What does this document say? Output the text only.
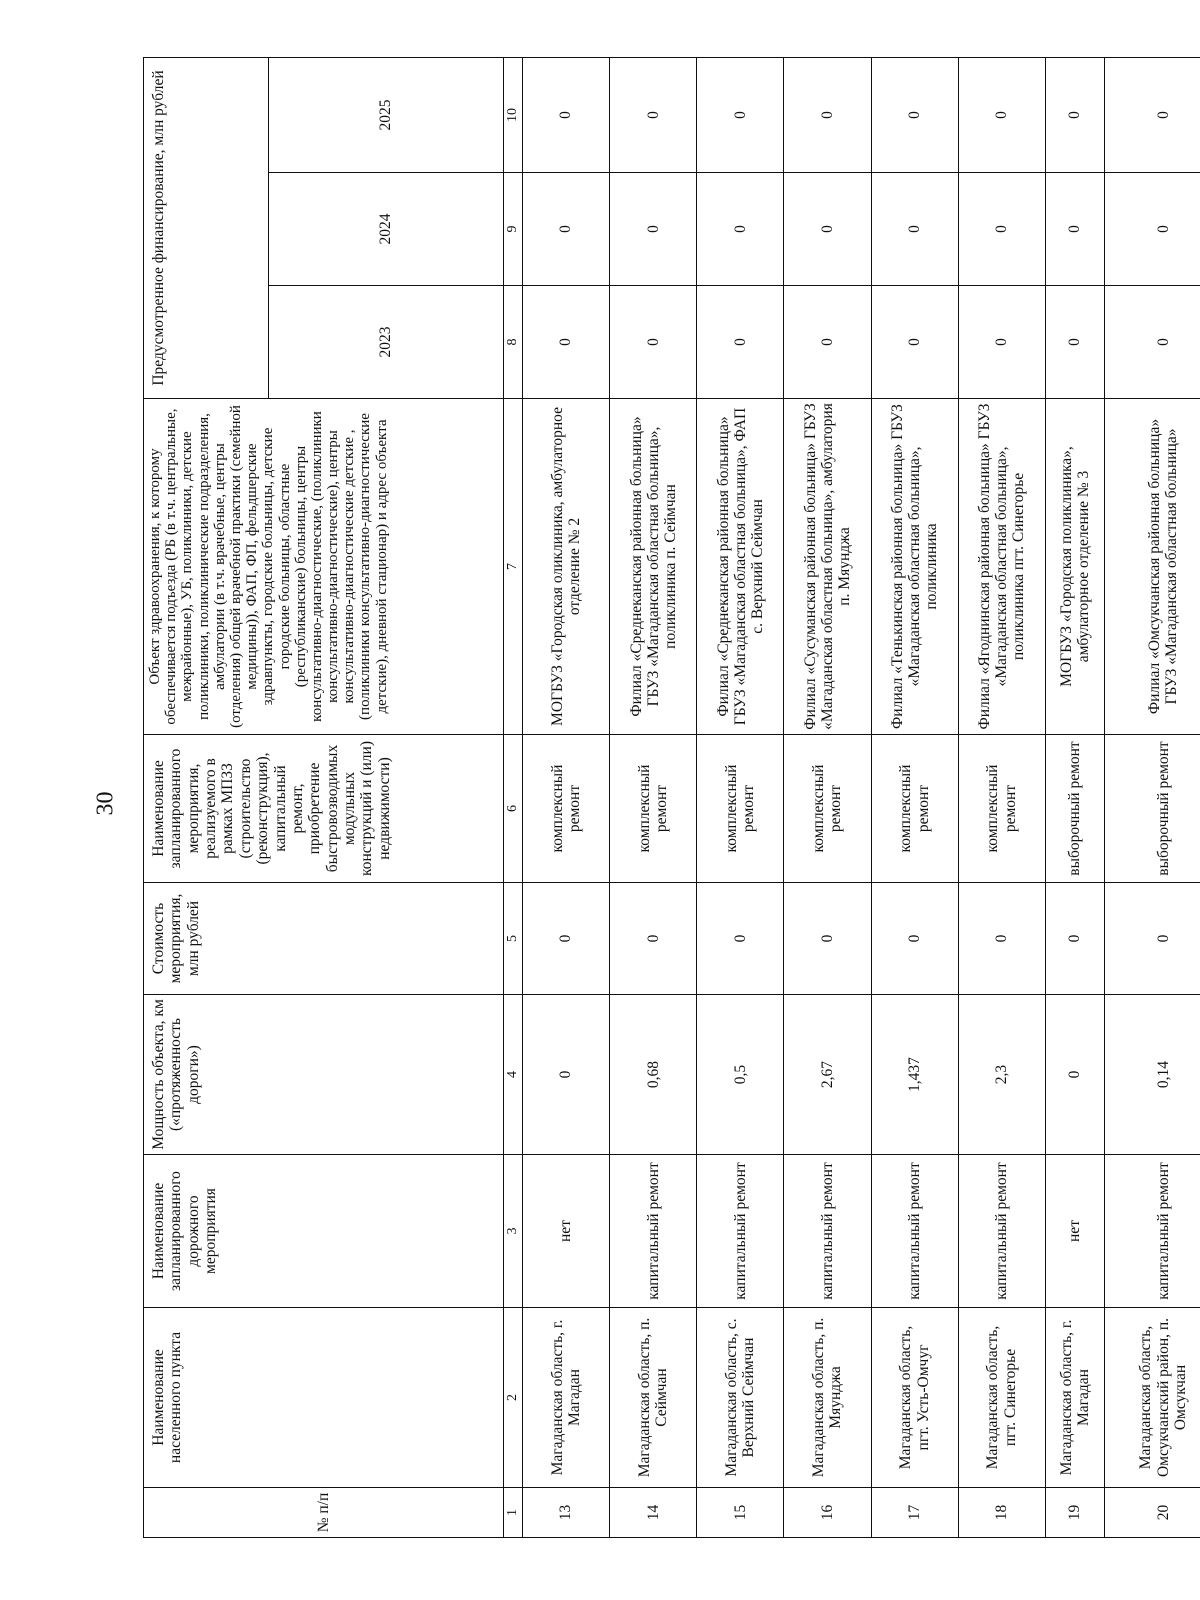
30
№ п/п	Наименование населенного пункта	Наименование запланированного дорожного мероприятия	Мощность объекта, км («протяженность дороги»)	Стоимость мероприятия, млн рублей	Наименование запланированного мероприятия, реализуемого в рамках МПЗЗ (строительство (реконструкция), капитальный ремонт, приобретение быстровозводимых модульных конструкций и (или) недвижимости)	Объект здравоохранения, к которому обеспечивается подъезда (РБ (в т.ч. центральные, межрайонные), УБ, поликлиники, детские поликлиники, поликлинические подразделения, амбулатории (в т.ч. врачебные, центры (отделения) общей врачебной практики (семейной медицины)), ФАП, ФП, фельдшерские здравпункты, городские больницы, детские городские больницы, областные (республиканские) больницы, центры консультативно-диагностические, (поликлиники консультативно-диагностические), центры консультативно-диагностические детские , (поликлиники консультативно-диагностические детские), дневной стационар) и адрес объекта	Предусмотренное финансирование, млн рублей		
							2023	2024	2025
1	2	3	4	5	6	7	8	9	10
13	Магаданская область, г. Магадан	нет	0	0	комплексный ремонт	МОГБУЗ «Городская оликлиника, амбулаторное отделение № 2	0	0	0
14	Магаданская область, п. Сеймчан	капитальный ремонт	0,68	0	комплексный ремонт	Филиал «Среднеканская районная больница» ГБУЗ «Магаданская областная больница», поликлиника п. Сеймчан	0	0	0
15	Магаданская область, с. Верхний Сеймчан	капитальный ремонт	0,5	0	комплексный ремонт	Филиал «Среднеканская районная больница» ГБУЗ «Магаданская областная больница», ФАП с. Верхний Сеймчан	0	0	0
16	Магаданская область, п. Мяунджа	капитальный ремонт	2,67	0	комплексный ремонт	Филиал «Сусуманская районная больница» ГБУЗ «Магаданская областная больница», амбулатория п. Мяунджа	0	0	0
17	Магаданская область, пгт. Усть-Омчуг	капитальный ремонт	1,437	0	комплексный ремонт	Филиал «Тенькинская районная больница» ГБУЗ «Магаданская областная больница», поликлиника	0	0	0
18	Магаданская область, пгт. Синегорье	капитальный ремонт	2,3	0	комплексный ремонт	Филиал «Ягоднинская районная больница» ГБУЗ «Магаданская областная больница», поликлиника пгт. Синегорье	0	0	0
19	Магаданская область, г. Магадан	нет	0	0	выборочный ремонт	МОГБУЗ «Городская поликлиника», амбулаторное отделение № 3	0	0	0
20	Магаданская область, Омсукчанский район, п. Омсукчан	капитальный ремонт	0,14	0	выборочный ремонт	Филиал «Омсукчанская районная больница» ГБУЗ «Магаданская областная больница»	0	0	0
